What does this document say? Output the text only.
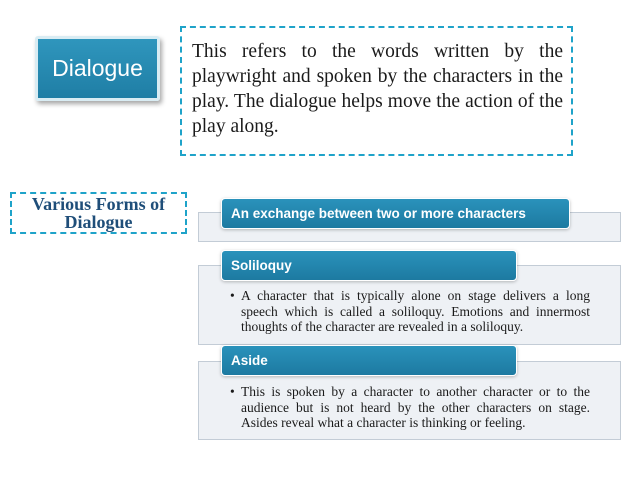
Dialogue
This refers to the words written by the playwright and spoken by the characters in the play. The dialogue helps move the action of the play along.
Various Forms of Dialogue	An exchange between two or more characters
Soliloquy
• A character that is typically alone on stage delivers a long speech which is called a soliloquy. Emotions and innermost thoughts of the character are revealed in a soliloquy.
Aside
• This is spoken by a character to another character or to the audience but is not heard by the other characters on stage. Asides reveal what a character is thinking or feeling.
